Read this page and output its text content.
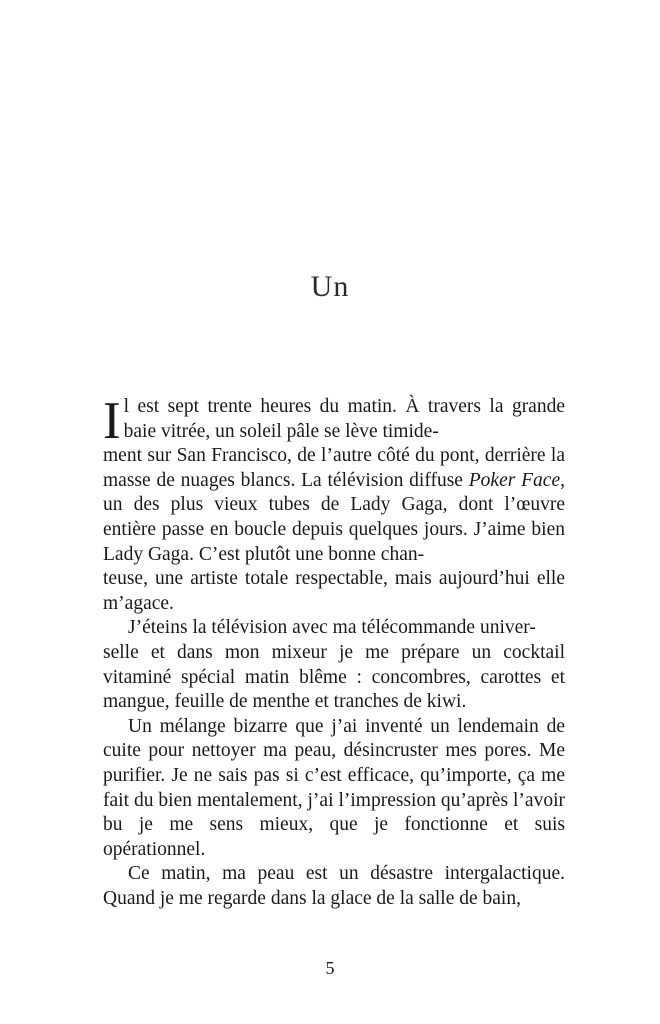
Un

Il est sept trente heures du matin. À travers la grande baie vitrée, un soleil pâle se lève timide-
ment sur San Francisco, de l’autre côté du pont, derrière la masse de nuages blancs. La télévision diffuse Poker Face, un des plus vieux tubes de Lady Gaga, dont l’œuvre entière passe en boucle depuis quelques jours. J’aime bien Lady Gaga. C’est plutôt une bonne chan-
teuse, une artiste totale respectable, mais aujourd’hui elle m’agace.

J’éteins la télévision avec ma télécommande univer-
selle et dans mon mixeur je me prépare un cocktail vitaminé spécial matin blême : concombres, carottes et mangue, feuille de menthe et tranches de kiwi.

Un mélange bizarre que j’ai inventé un lendemain de cuite pour nettoyer ma peau, désincruster mes pores. Me purifier. Je ne sais pas si c’est efficace, qu’importe, ça me fait du bien mentalement, j’ai l’impression qu’après l’avoir bu je me sens mieux, que je fonctionne et suis opérationnel.

Ce matin, ma peau est un désastre intergalactique. Quand je me regarde dans la glace de la salle de bain,

5
